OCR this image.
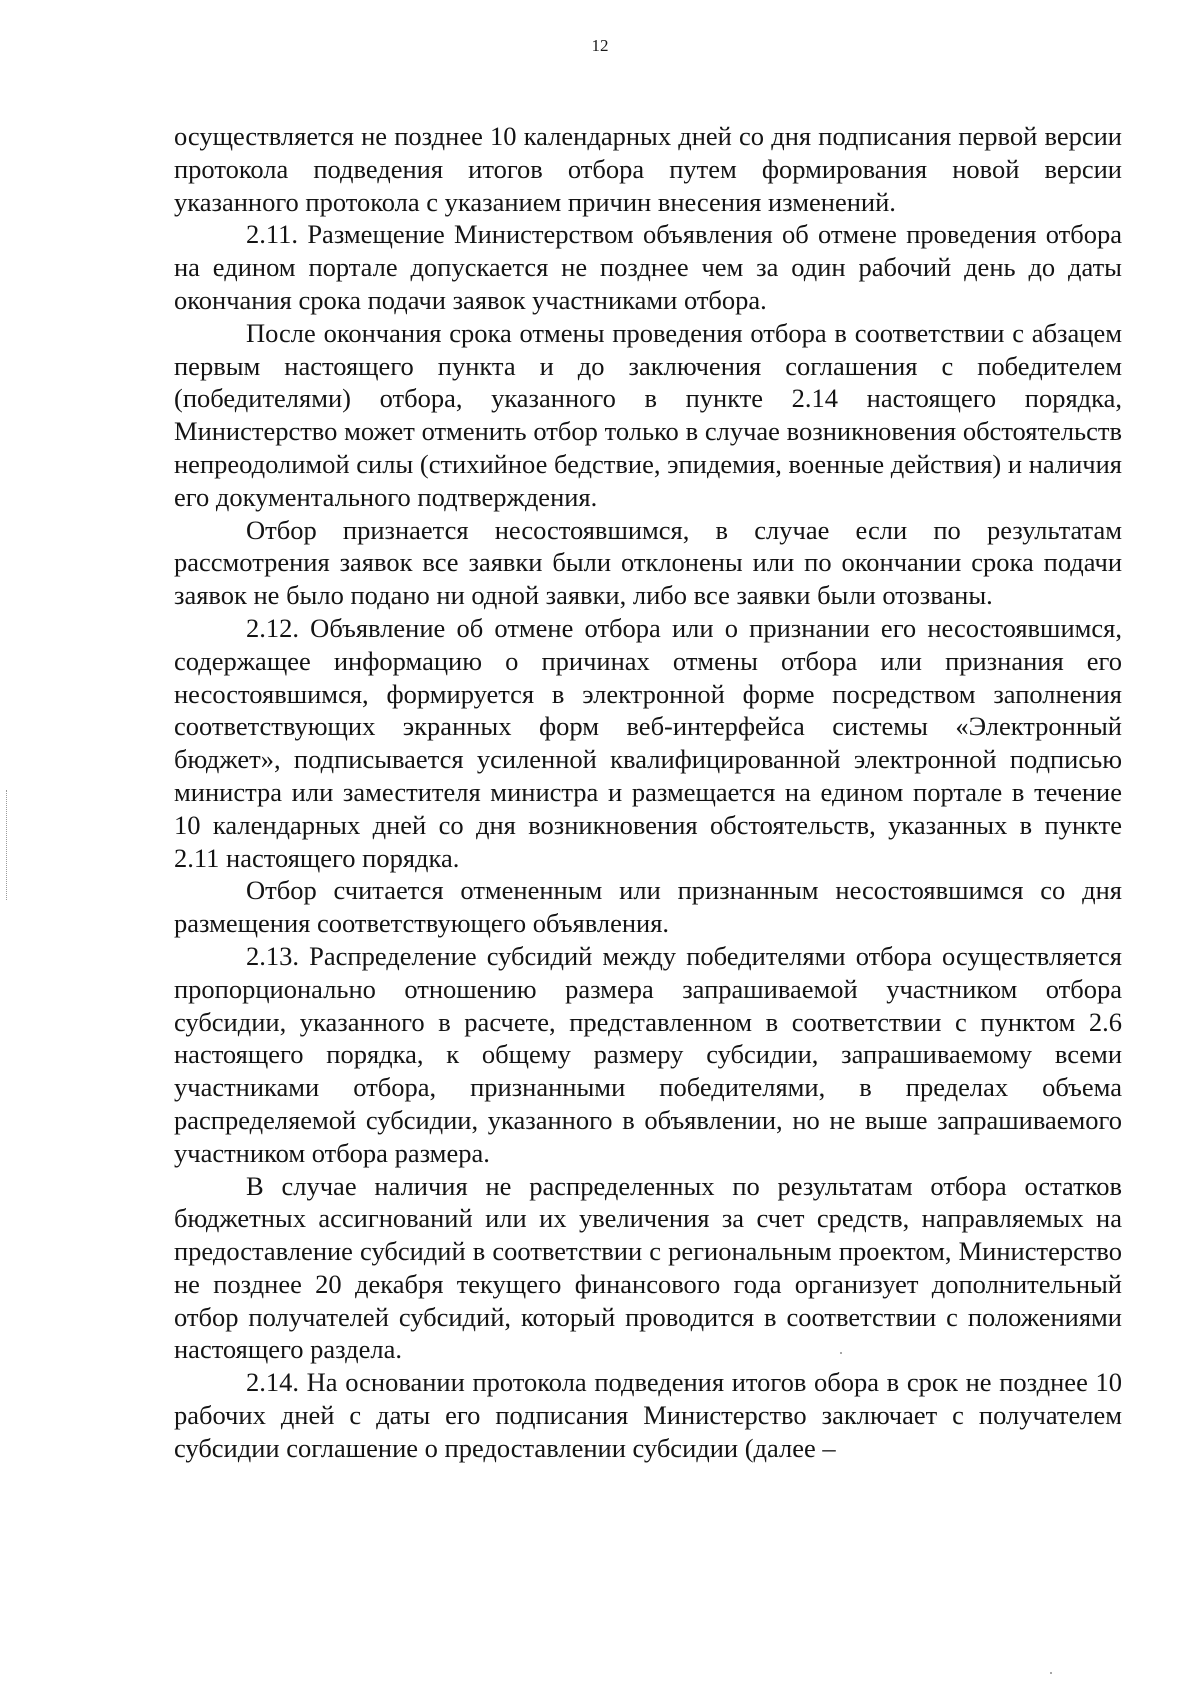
12

осуществляется не позднее 10 календарных дней со дня подписания первой версии протокола подведения итогов отбора путем формирования новой версии указанного протокола с указанием причин внесения изменений.

2.11. Размещение Министерством объявления об отмене проведения отбора на едином портале допускается не позднее чем за один рабочий день до даты окончания срока подачи заявок участниками отбора.

После окончания срока отмены проведения отбора в соответствии с абзацем первым настоящего пункта и до заключения соглашения с победителем (победителями) отбора, указанного в пункте 2.14 настоящего порядка, Министерство может отменить отбор только в случае возникновения обстоятельств непреодолимой силы (стихийное бедствие, эпидемия, военные действия) и наличия его документального подтверждения.

Отбор признается несостоявшимся, в случае если по результатам рассмотрения заявок все заявки были отклонены или по окончании срока подачи заявок не было подано ни одной заявки, либо все заявки были отозваны.

2.12. Объявление об отмене отбора или о признании его несостоявшимся, содержащее информацию о причинах отмены отбора или признания его несостоявшимся, формируется в электронной форме посредством заполнения соответствующих экранных форм веб-интерфейса системы «Электронный бюджет», подписывается усиленной квалифицированной электронной подписью министра или заместителя министра и размещается на едином портале в течение 10 календарных дней со дня возникновения обстоятельств, указанных в пункте 2.11 настоящего порядка.

Отбор считается отмененным или признанным несостоявшимся со дня размещения соответствующего объявления.

2.13. Распределение субсидий между победителями отбора осуществляется пропорционально отношению размера запрашиваемой участником отбора субсидии, указанного в расчете, представленном в соответствии с пунктом 2.6 настоящего порядка, к общему размеру субсидии, запрашиваемому всеми участниками отбора, признанными победителями, в пределах объема распределяемой субсидии, указанного в объявлении, но не выше запрашиваемого участником отбора размера.

В случае наличия не распределенных по результатам отбора остатков бюджетных ассигнований или их увеличения за счет средств, направляемых на предоставление субсидий в соответствии с региональным проектом, Министерство не позднее 20 декабря текущего финансового года организует дополнительный отбор получателей субсидий, который проводится в соответствии с положениями настоящего раздела.

2.14. На основании протокола подведения итогов обора в срок не позднее 10 рабочих дней с даты его подписания Министерство заключает с получателем субсидии соглашение о предоставлении субсидии (далее –
